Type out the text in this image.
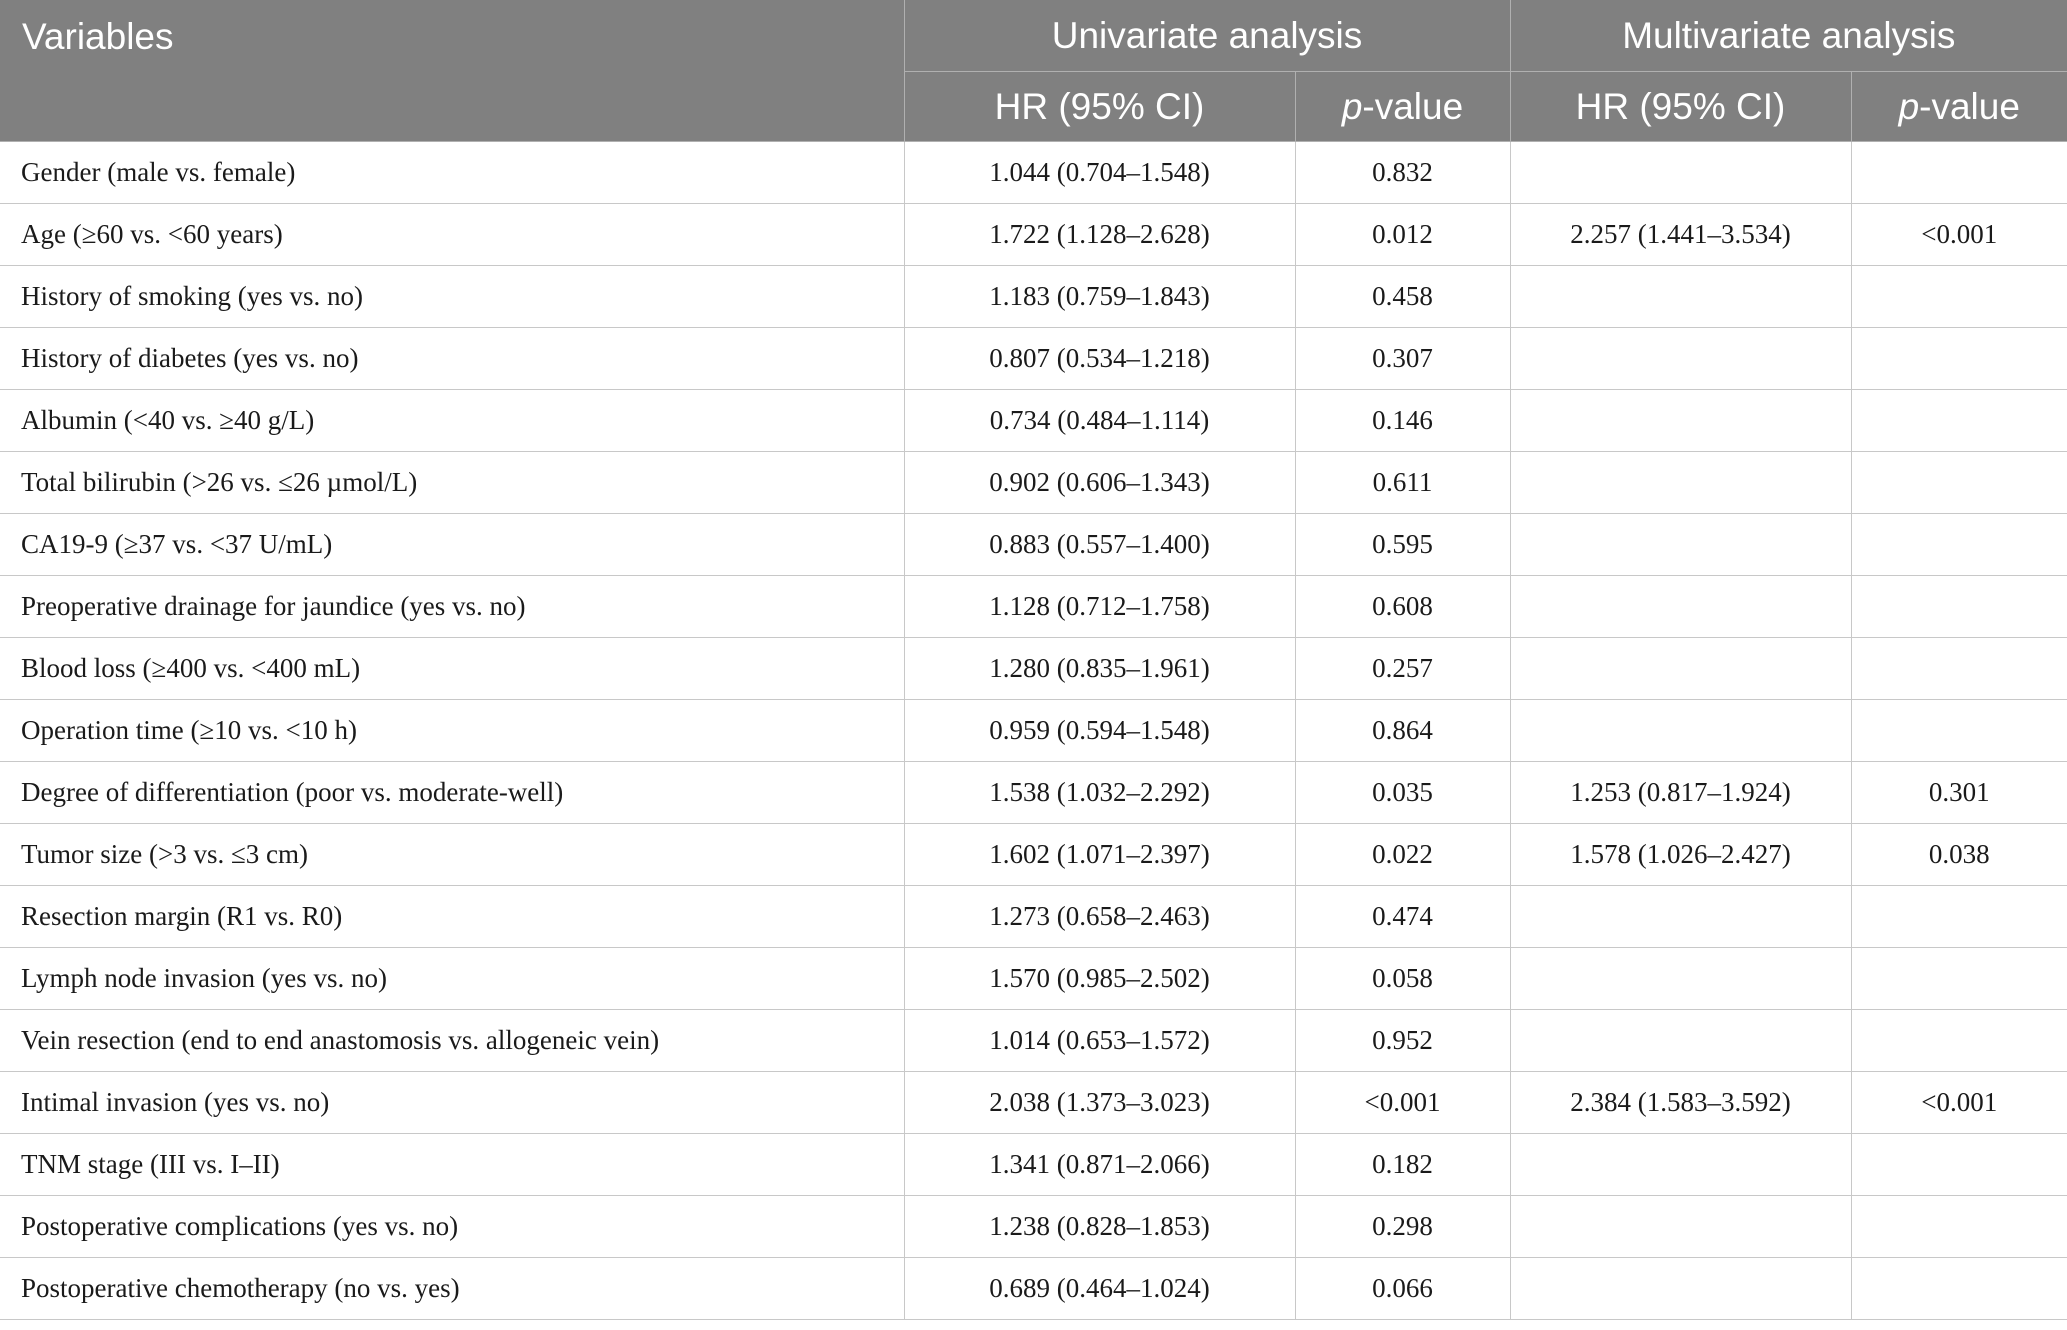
Variables	Univariate analysis		Multivariate analysis	
	HR (95% CI)	p-value	HR (95% CI)	p-value
Gender (male vs. female)	1.044 (0.704–1.548)	0.832		
Age (≥60 vs. <60 years)	1.722 (1.128–2.628)	0.012	2.257 (1.441–3.534)	<0.001
History of smoking (yes vs. no)	1.183 (0.759–1.843)	0.458		
History of diabetes (yes vs. no)	0.807 (0.534–1.218)	0.307		
Albumin (<40 vs. ≥40 g/L)	0.734 (0.484–1.114)	0.146		
Total bilirubin (>26 vs. ≤26 µmol/L)	0.902 (0.606–1.343)	0.611		
CA19-9 (≥37 vs. <37 U/mL)	0.883 (0.557–1.400)	0.595		
Preoperative drainage for jaundice (yes vs. no)	1.128 (0.712–1.758)	0.608		
Blood loss (≥400 vs. <400 mL)	1.280 (0.835–1.961)	0.257		
Operation time (≥10 vs. <10 h)	0.959 (0.594–1.548)	0.864		
Degree of differentiation (poor vs. moderate-well)	1.538 (1.032–2.292)	0.035	1.253 (0.817–1.924)	0.301
Tumor size (>3 vs. ≤3 cm)	1.602 (1.071–2.397)	0.022	1.578 (1.026–2.427)	0.038
Resection margin (R1 vs. R0)	1.273 (0.658–2.463)	0.474		
Lymph node invasion (yes vs. no)	1.570 (0.985–2.502)	0.058		
Vein resection (end to end anastomosis vs. allogeneic vein)	1.014 (0.653–1.572)	0.952		
Intimal invasion (yes vs. no)	2.038 (1.373–3.023)	<0.001	2.384 (1.583–3.592)	<0.001
TNM stage (III vs. I–II)	1.341 (0.871–2.066)	0.182		
Postoperative complications (yes vs. no)	1.238 (0.828–1.853)	0.298		
Postoperative chemotherapy (no vs. yes)	0.689 (0.464–1.024)	0.066		
